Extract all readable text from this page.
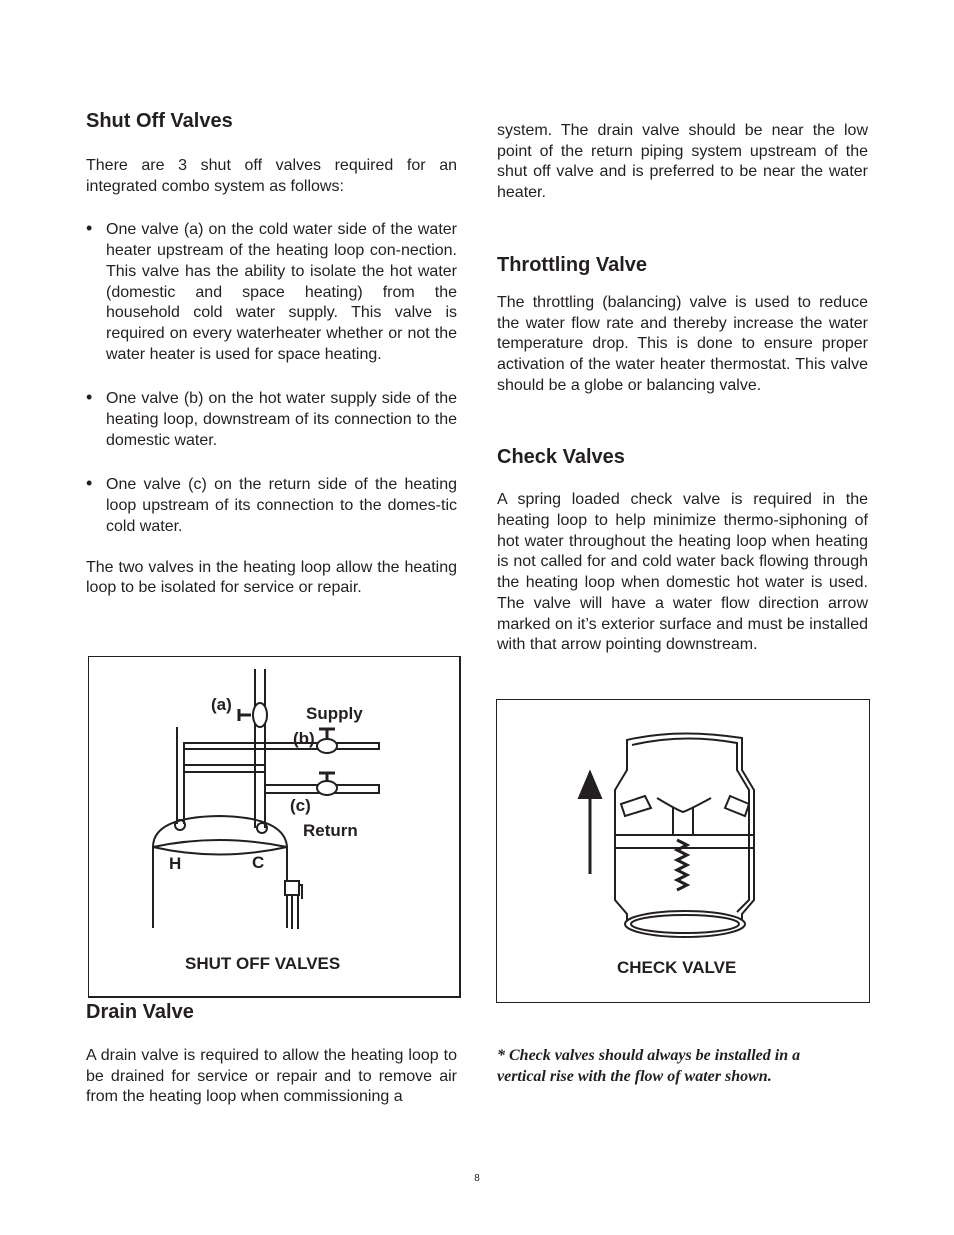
Shut Off Valves

There are 3 shut off valves required for an integrated combo system as follows:

• One valve (a) on the cold water side of the water heater upstream of the heating loop con-nection. This valve has the ability to isolate the hot water (domestic and space heating) from the household cold water supply. This valve is required on every waterheater whether or not the water heater is used for space heating.
• One valve (b) on the hot water supply side of the heating loop, downstream of its connection to the domestic water.
• One valve (c) on the return side of the heating loop upstream of its connection to the domes-tic cold water.

The two valves in the heating loop allow the heating loop to be isolated for service or repair.

(a)	Supply
(b)
(c)
Return
H	C
SHUT OFF VALVES
Drain Valve

A drain valve is required to allow the heating loop to be drained for service or repair and to remove air from the heating loop when commissioning a

system. The drain valve should be near the low point of the return piping system upstream of the shut off valve and is preferred to be near the water heater.

Throttling Valve

The throttling (balancing) valve is used to reduce the water flow rate and thereby increase the water temperature drop. This is done to ensure proper activation of the water heater thermostat. This valve should be a globe or balancing valve.

Check Valves

A spring loaded check valve is required in the heating loop to help minimize thermo-siphoning of hot water throughout the heating loop when heating is not called for and cold water back flowing through the heating loop when domestic hot water is used. The valve will have a water flow direction arrow marked on it’s exterior surface and must be installed with that arrow pointing downstream.

CHECK VALVE

* Check valves should always be installed in a vertical rise with the flow of water shown.

8
